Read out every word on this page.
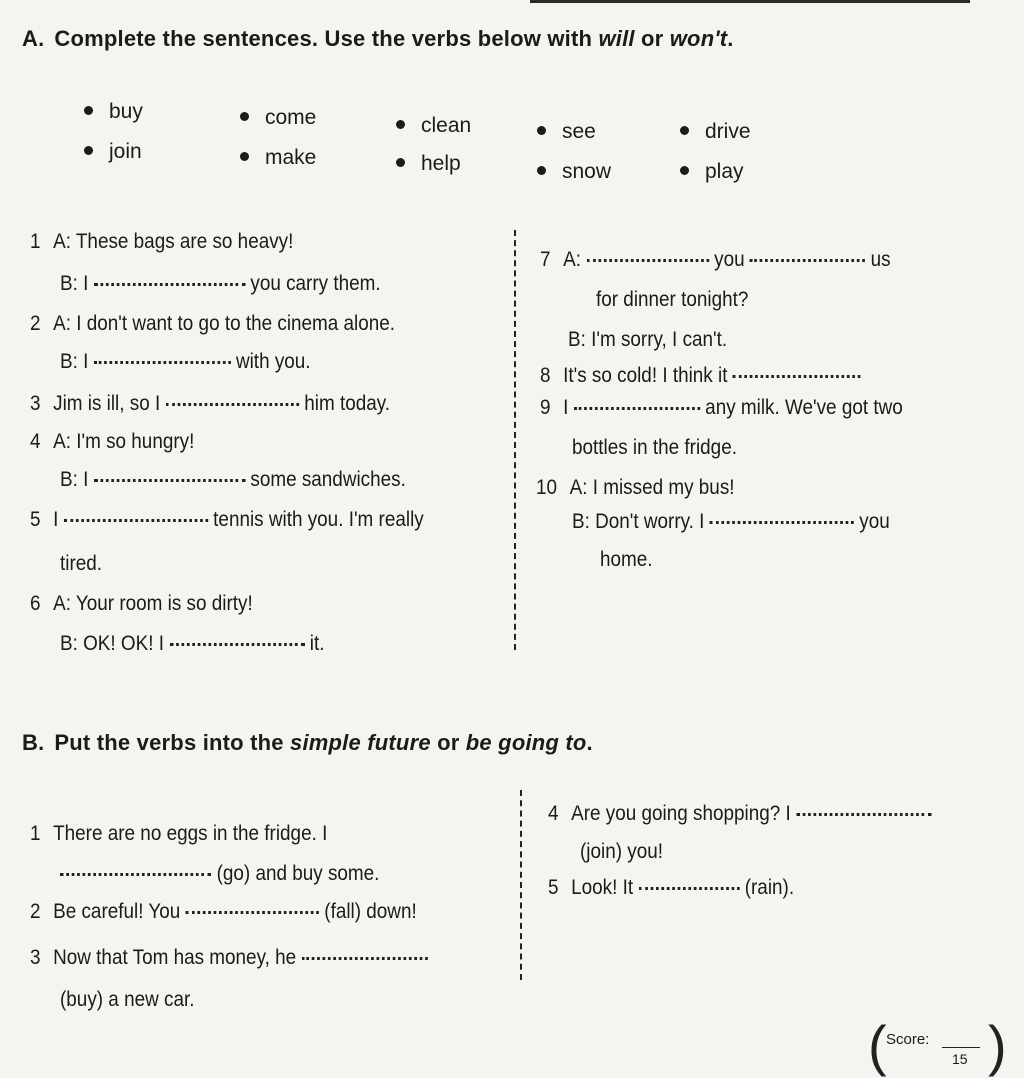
A. Complete the sentences. Use the verbs below with will or won't.
buy	come	clean	see	drive
join	make	help	snow	play
1 A: These bags are so heavy!
B: I	you carry them.
2 A: I don't want to go to the cinema alone.
B: I	with you.
3 Jim is ill, so I	him today.
4 A: I'm so hungry!
B: I	some sandwiches.
5 I	tennis with you. I'm really
tired.
6 A: Your room is so dirty!
B: OK! OK! I	it.
7 A:	you	us
for dinner tonight?
B: I'm sorry, I can't.
8 It's so cold! I think it
9 I	any milk. We've got two
bottles in the fridge.
10 A: I missed my bus!
B: Don't worry. I	you
home.
B. Put the verbs into the simple future or be going to.
1 There are no eggs in the fridge. I
(go) and buy some.
2 Be careful! You	(fall) down!
3 Now that Tom has money, he
(buy) a new car.
4 Are you going shopping? I
(join) you!
5 Look! It	(rain).
( Score:
15 )
